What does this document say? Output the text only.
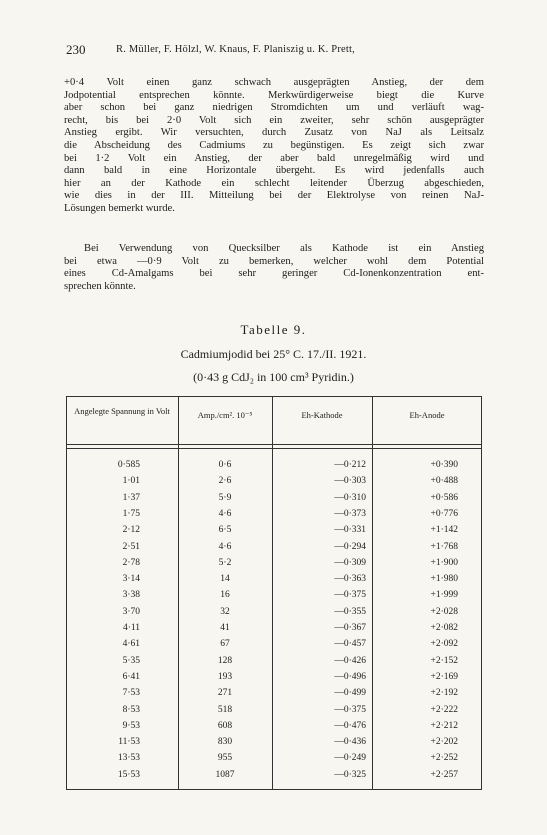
230	R. Müller, F. Hölzl, W. Knaus, F. Planiszig u. K. Prett,
+0·4 Volt einen ganz schwach ausgeprägten Anstieg, der dem
Jodpotential entsprechen könnte. Merkwürdigerweise biegt die Kurve
aber schon bei ganz niedrigen Stromdichten um und verläuft wag-
recht, bis bei 2·0 Volt sich ein zweiter, sehr schön ausgeprägter
Anstieg ergibt. Wir versuchten, durch Zusatz von NaJ als Leitsalz
die Abscheidung des Cadmiums zu begünstigen. Es zeigt sich zwar
bei 1·2 Volt ein Anstieg, der aber bald unregelmäßig wird und
dann bald in eine Horizontale übergeht. Es wird jedenfalls auch
hier an der Kathode ein schlecht leitender Überzug abgeschieden,
wie dies in der III. Mitteilung bei der Elektrolyse von reinen NaJ-
Lösungen bemerkt wurde.
Bei Verwendung von Quecksilber als Kathode ist ein Anstieg
bei etwa —0·9 Volt zu bemerken, welcher wohl dem Potential
eines Cd-Amalgams bei sehr geringer Cd-Ionenkonzentration ent-
sprechen könnte.
Tabelle 9.
Cadmiumjodid bei 25° C. 17./II. 1921.
(0·43 g CdJ₂ in 100 cm³ Pyridin.)
Angelegte Spannung in Volt	Amp./cm². 10⁻⁵	Eh-Kathode	Eh-Anode
0·585	0·6	—0·212	+0·390
1·01	2·6	—0·303	+0·488
1·37	5·9	—0·310	+0·586
1·75	4·6	—0·373	+0·776
2·12	6·5	—0·331	+1·142
2·51	4·6	—0·294	+1·768
2·78	5·2	—0·309	+1·900
3·14	14	—0·363	+1·980
3·38	16	—0·375	+1·999
3·70	32	—0·355	+2·028
4·11	41	—0·367	+2·082
4·61	67	—0·457	+2·092
5·35	128	—0·426	+2·152
6·41	193	—0·496	+2·169
7·53	271	—0·499	+2·192
8·53	518	—0·375	+2·222
9·53	608	—0·476	+2·212
11·53	830	—0·436	+2·202
13·53	955	—0·249	+2·252
15·53	1087	—0·325	+2·257
